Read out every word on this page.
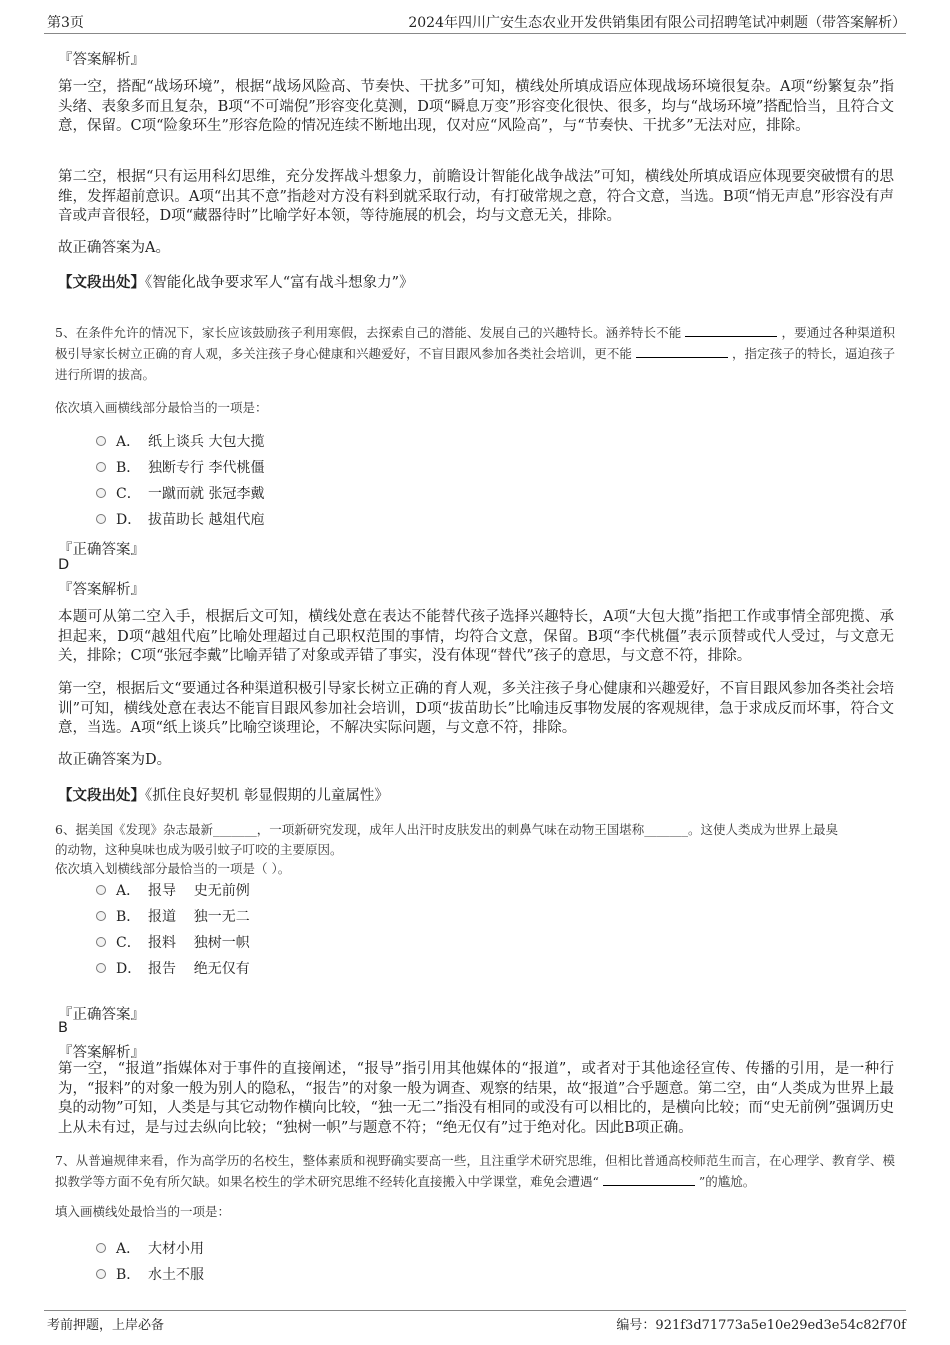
第3页	2024年四川广安生态农业开发供销集团有限公司招聘笔试冲刺题（带答案解析）
『答案解析』
第一空，搭配“战场环境”，根据“战场风险高、节奏快、干扰多”可知，横线处所填成语应体现战场环境很复杂。A项“纷繁复杂”指头绪、表象多而且复杂，B项“不可端倪”形容变化莫测，D项“瞬息万变”形容变化很快、很多，均与“战场环境”搭配恰当，且符合文意，保留。C项“险象环生”形容危险的情况连续不断地出现，仅对应“风险高”，与“节奏快、干扰多”无法对应，排除。
第二空，根据“只有运用科幻思维，充分发挥战斗想象力，前瞻设计智能化战争战法”可知，横线处所填成语应体现要突破惯有的思维，发挥超前意识。A项“出其不意”指趁对方没有料到就采取行动，有打破常规之意，符合文意，当选。B项“悄无声息”形容没有声音或声音很轻，D项“藏器待时”比喻学好本领，等待施展的机会，均与文意无关，排除。
故正确答案为A。
【文段出处】《智能化战争要求军人“富有战斗想象力”》
5、在条件允许的情况下，家长应该鼓励孩子利用寒假，去探索自己的潜能、发展自己的兴趣特长。涵养特长不能	，要通过各种渠道积极引导家长树立正确的育人观，多关注孩子身心健康和兴趣爱好，不盲目跟风参加各类社会培训，更不能	，指定孩子的特长，逼迫孩子进行所谓的拔高。
依次填入画横线部分最恰当的一项是：
A． 纸上谈兵 大包大揽
B． 独断专行 李代桃僵
C． 一蹴而就 张冠李戴
D． 拔苗助长 越俎代庖
『正确答案』
D
『答案解析』
本题可从第二空入手，根据后文可知，横线处意在表达不能替代孩子选择兴趣特长，A项“大包大揽”指把工作或事情全部兜揽、承担起来，D项“越俎代庖”比喻处理超过自己职权范围的事情，均符合文意，保留。B项“李代桃僵”表示顶替或代人受过，与文意无关，排除；C项“张冠李戴”比喻弄错了对象或弄错了事实，没有体现“替代”孩子的意思，与文意不符，排除。
第一空，根据后文“要通过各种渠道积极引导家长树立正确的育人观，多关注孩子身心健康和兴趣爱好，不盲目跟风参加各类社会培训”可知，横线处意在表达不能盲目跟风参加社会培训，D项“拔苗助长”比喻违反事物发展的客观规律，急于求成反而坏事，符合文意，当选。A项“纸上谈兵”比喻空谈理论，不解决实际问题，与文意不符，排除。
故正确答案为D。
【文段出处】《抓住良好契机 彰显假期的儿童属性》
6、据美国《发现》杂志最新_______，一项新研究发现，成年人出汗时皮肤发出的刺鼻气味在动物王国堪称_______。这使人类成为世界上最臭
的动物，这种臭味也成为吸引蚊子叮咬的主要原因。
依次填入划横线部分最恰当的一项是（ ）。
A． 报导    史无前例
B． 报道    独一无二
C． 报料    独树一帜
D． 报告    绝无仅有
『正确答案』
B
『答案解析』
第一空，“报道”指媒体对于事件的直接阐述，“报导”指引用其他媒体的“报道”，或者对于其他途径宣传、传播的引用，是一种行为，“报料”的对象一般为别人的隐私，“报告”的对象一般为调查、观察的结果，故“报道”合乎题意。第二空，由“人类成为世界上最臭的动物”可知，人类是与其它动物作横向比较，“独一无二”指没有相同的或没有可以相比的，是横向比较；而“史无前例”强调历史上从未有过，是与过去纵向比较；“独树一帜”与题意不符；“绝无仅有”过于绝对化。因此B项正确。
7、从普遍规律来看，作为高学历的名校生，整体素质和视野确实要高一些，且注重学术研究思维，但相比普通高校师范生而言，在心理学、教育学、模拟教学等方面不免有所欠缺。如果名校生的学术研究思维不经转化直接搬入中学课堂，难免会遭遇“	”的尴尬。
填入画横线处最恰当的一项是：
A． 大材小用
B． 水土不服
考前押题，上岸必备	编号：921f3d71773a5e10e29ed3e54c82f70f
